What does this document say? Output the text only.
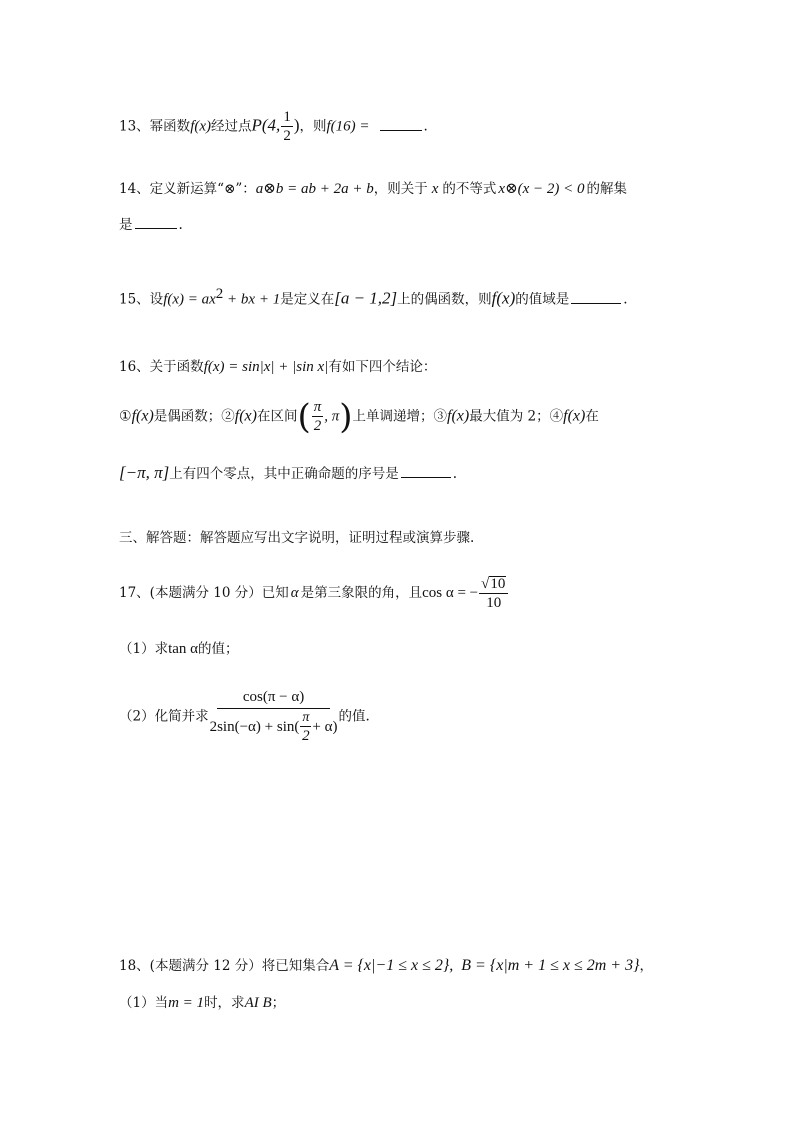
13、幂函数f(x)经过点P(4, $\frac{1}{2}$ )，则f(16) =	.
14、定义新运算“⊗”：a⊗b = ab + 2a + b，则关于 x 的不等式 x⊗(x − 2) < 0 的解集
是	.
15、设$f(x) = ax^2$ + bx + 1是定义在[a − 1,2]上的偶函数，则f(x)的值域是	.
16、关于函数f(x) = sin|x| + |sin x|有如下四个结论：
①f(x)是偶函数；②f(x)在区间( $\frac{\pi}{2}$ , π)上单调递增；③f(x)最大值为 2；④f(x)在
[−π, π]上有四个零点，其中正确命题的序号是	.
三、解答题：解答题应写出文字说明，证明过程或演算步骤.
17、(本题满分 10 分）已知 α 是第三象限的角，且cos α = − $\frac{√10}{10}$
（1）求tan α的值；
（2）化简并求 $\frac{\cos(\pi - \alpha)}{2\sin(-\alpha) + \sin( \frac{\pi}{2} + \alpha)}$ 的值.
18、(本题满分 12 分）将已知集合A = {x|−1 ≤ x ≤ 2}, B = {x|m + 1 ≤ x ≤ 2m + 3}，
（1）当m = 1时，求AI B；
